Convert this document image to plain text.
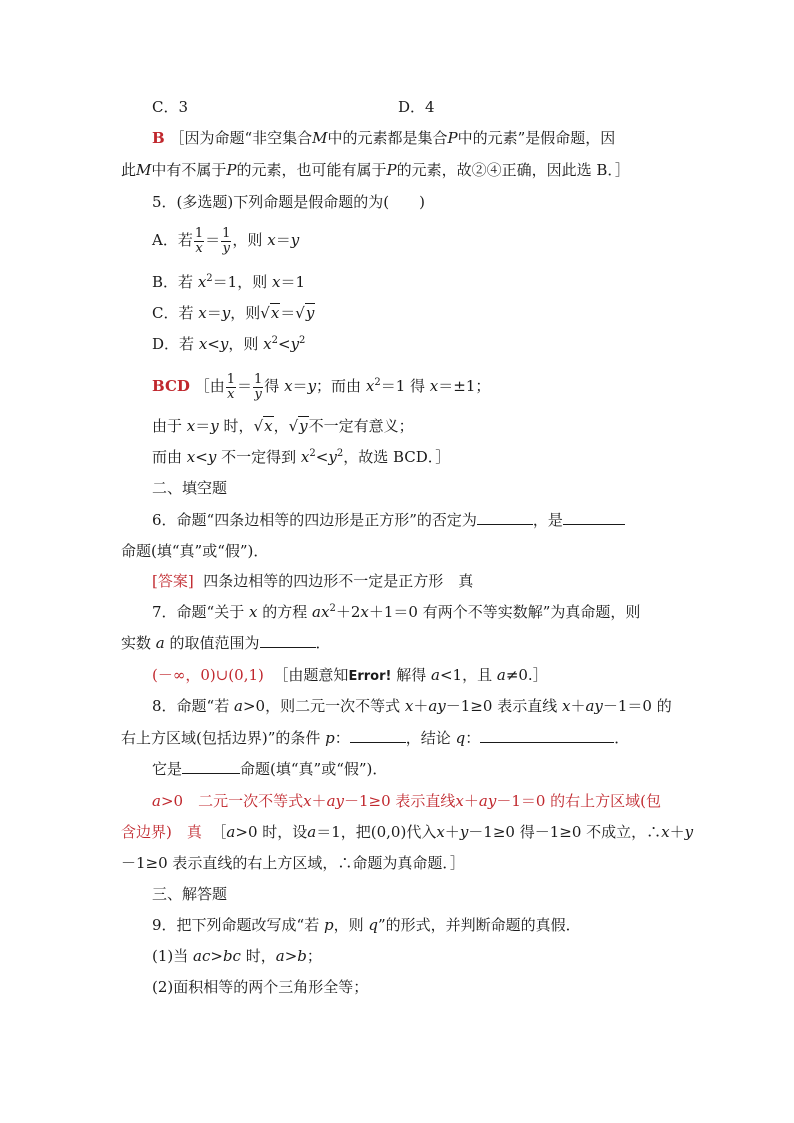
C．3	D．4
B ［因为命题“非空集合M中的元素都是集合P中的元素”是假命题，因
此M中有不属于P的元素，也可能有属于P的元素，故②④正确，因此选 B．］
5．(多选题)下列命题是假命题的为(　　)
A．若 $\frac{1}{x} = \frac{1}{y}$ ，则 x＝y
B．若 $x^2=1$，则 x＝1
C．若 x＝y，则√x＝√y
D．若 x<y，则 $x^2<y^2$
BCD ［由 $\frac{1}{x} = \frac{1}{y}$ 得 x＝y；而由 $x^2=1$ 得 x＝±1；
由于 x＝y 时，√x，√y不一定有意义；
而由 x<y 不一定得到 $x^2<y^2$，故选 BCD．］
二、填空题
6．命题“四条边相等的四边形是正方形”的否定为	，是
命题(填“真”或“假”)．
[答案] 四条边相等的四边形不一定是正方形　真
7．命题“关于 x 的方程 $ax^2+2x+1=0$ 有两个不等实数解”为真命题，则
实数 a 的取值范围为	．
(－∞，0)∪(0,1) ［由题意知Error! 解得 a<1，且 a≠0.］
8．命题“若 a>0，则二元一次不等式 x＋ay－1≥0 表示直线 x＋ay－1＝0 的
右上方区域(包括边界)”的条件 p：	，结论 q：	．
它是	命题(填“真”或“假”)．
a>0　二元一次不等式x＋ay－1≥0 表示直线x＋ay－1＝0 的右上方区域(包
含边界)　真 ［a>0 时，设a＝1，把(0,0)代入x＋y－1≥0 得－1≥0 不成立，∴x＋y
－1≥0 表示直线的右上方区域，∴命题为真命题．］
三、解答题
9．把下列命题改写成“若 p，则 q”的形式，并判断命题的真假．
(1)当 ac>bc 时，a>b；
(2)面积相等的两个三角形全等；
